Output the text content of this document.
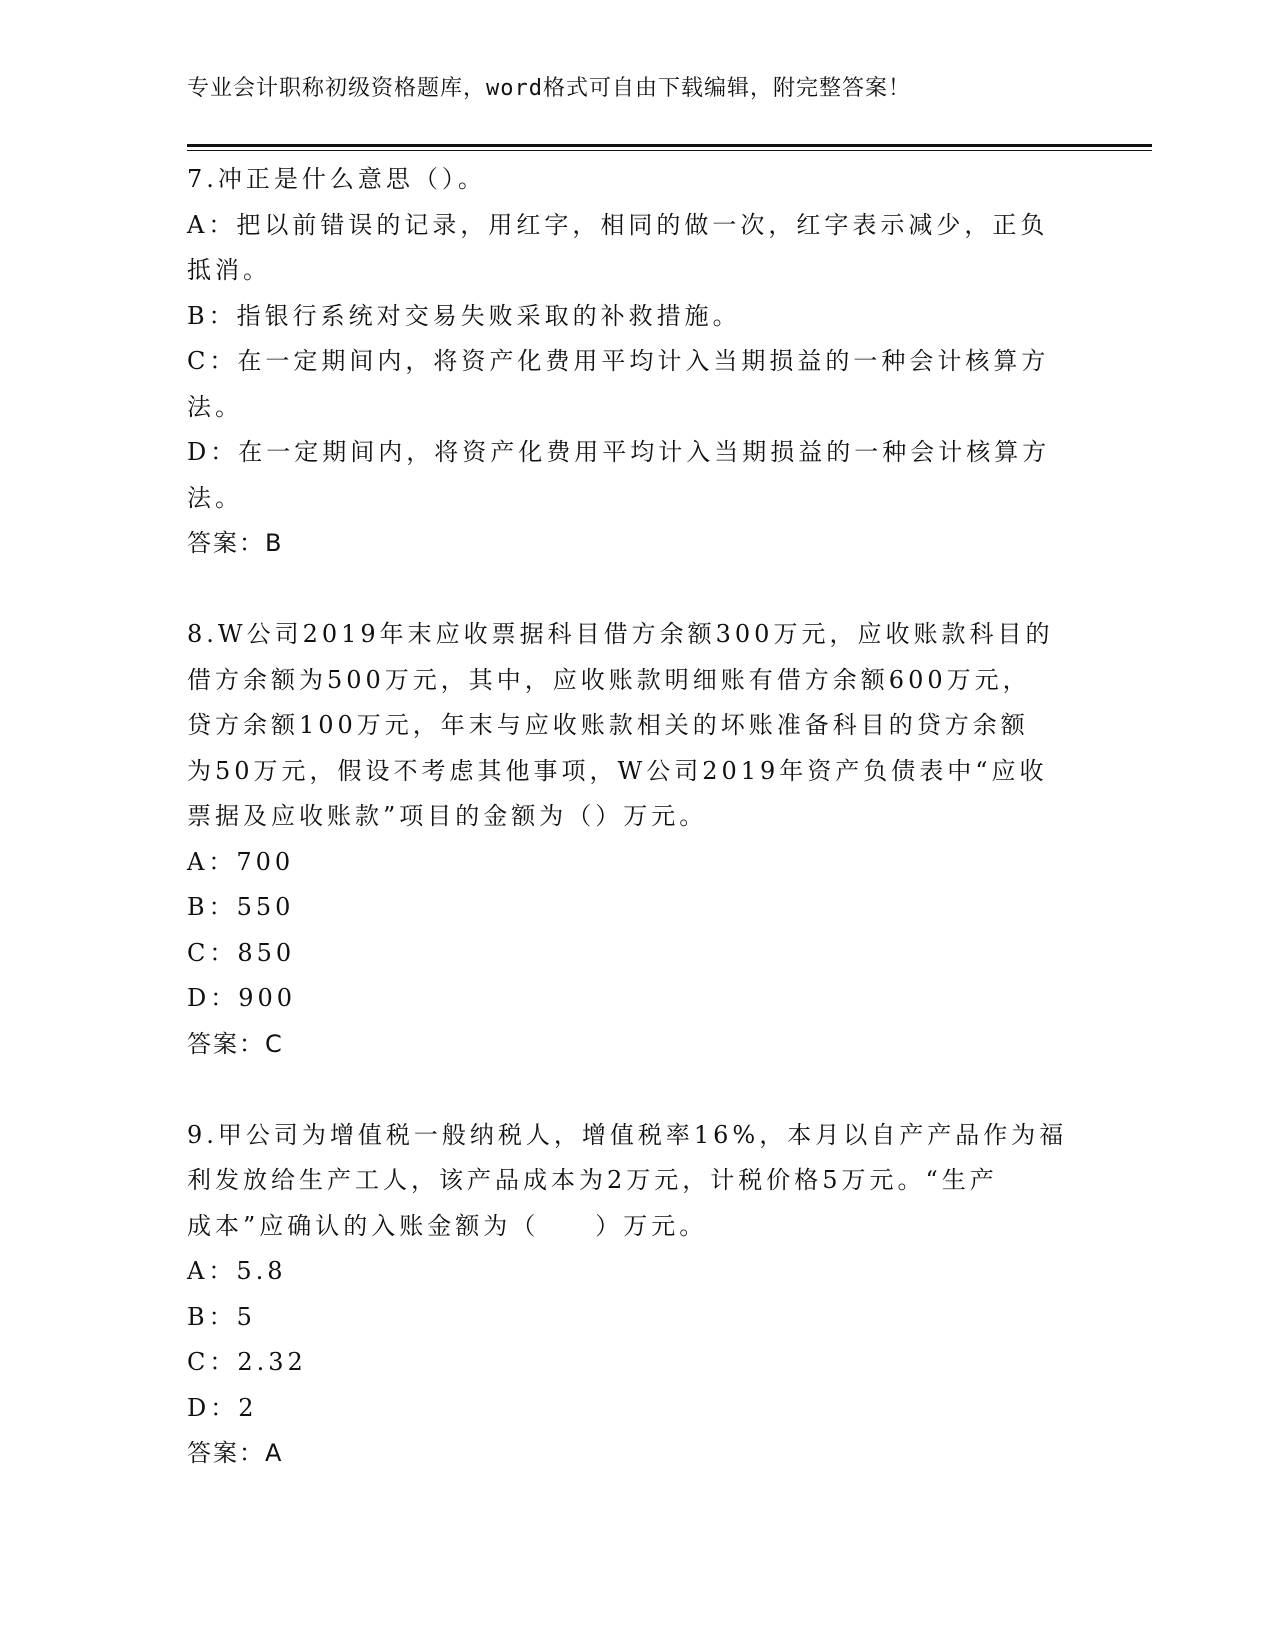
专业会计职称初级资格题库，word格式可自由下载编辑，附完整答案！
7.冲正是什么意思（）。
A：把以前错误的记录，用红字，相同的做一次，红字表示减少，正负
抵消。
B：指银行系统对交易失败采取的补救措施。
C：在一定期间内，将资产化费用平均计入当期损益的一种会计核算方
法。
D：在一定期间内，将资产化费用平均计入当期损益的一种会计核算方
法。
答案：B
8.W公司2019年末应收票据科目借方余额300万元，应收账款科目的
借方余额为500万元，其中，应收账款明细账有借方余额600万元，
贷方余额100万元，年末与应收账款相关的坏账准备科目的贷方余额
为50万元，假设不考虑其他事项，W公司2019年资产负债表中“应收
票据及应收账款”项目的金额为（）万元。
A：700
B：550
C：850
D：900
答案：C
9.甲公司为增值税一般纳税人，增值税率16%，本月以自产产品作为福
利发放给生产工人，该产品成本为2万元，计税价格5万元。“生产
成本”应确认的入账金额为（　　）万元。
A：5.8
B：5
C：2.32
D：2
答案：A
